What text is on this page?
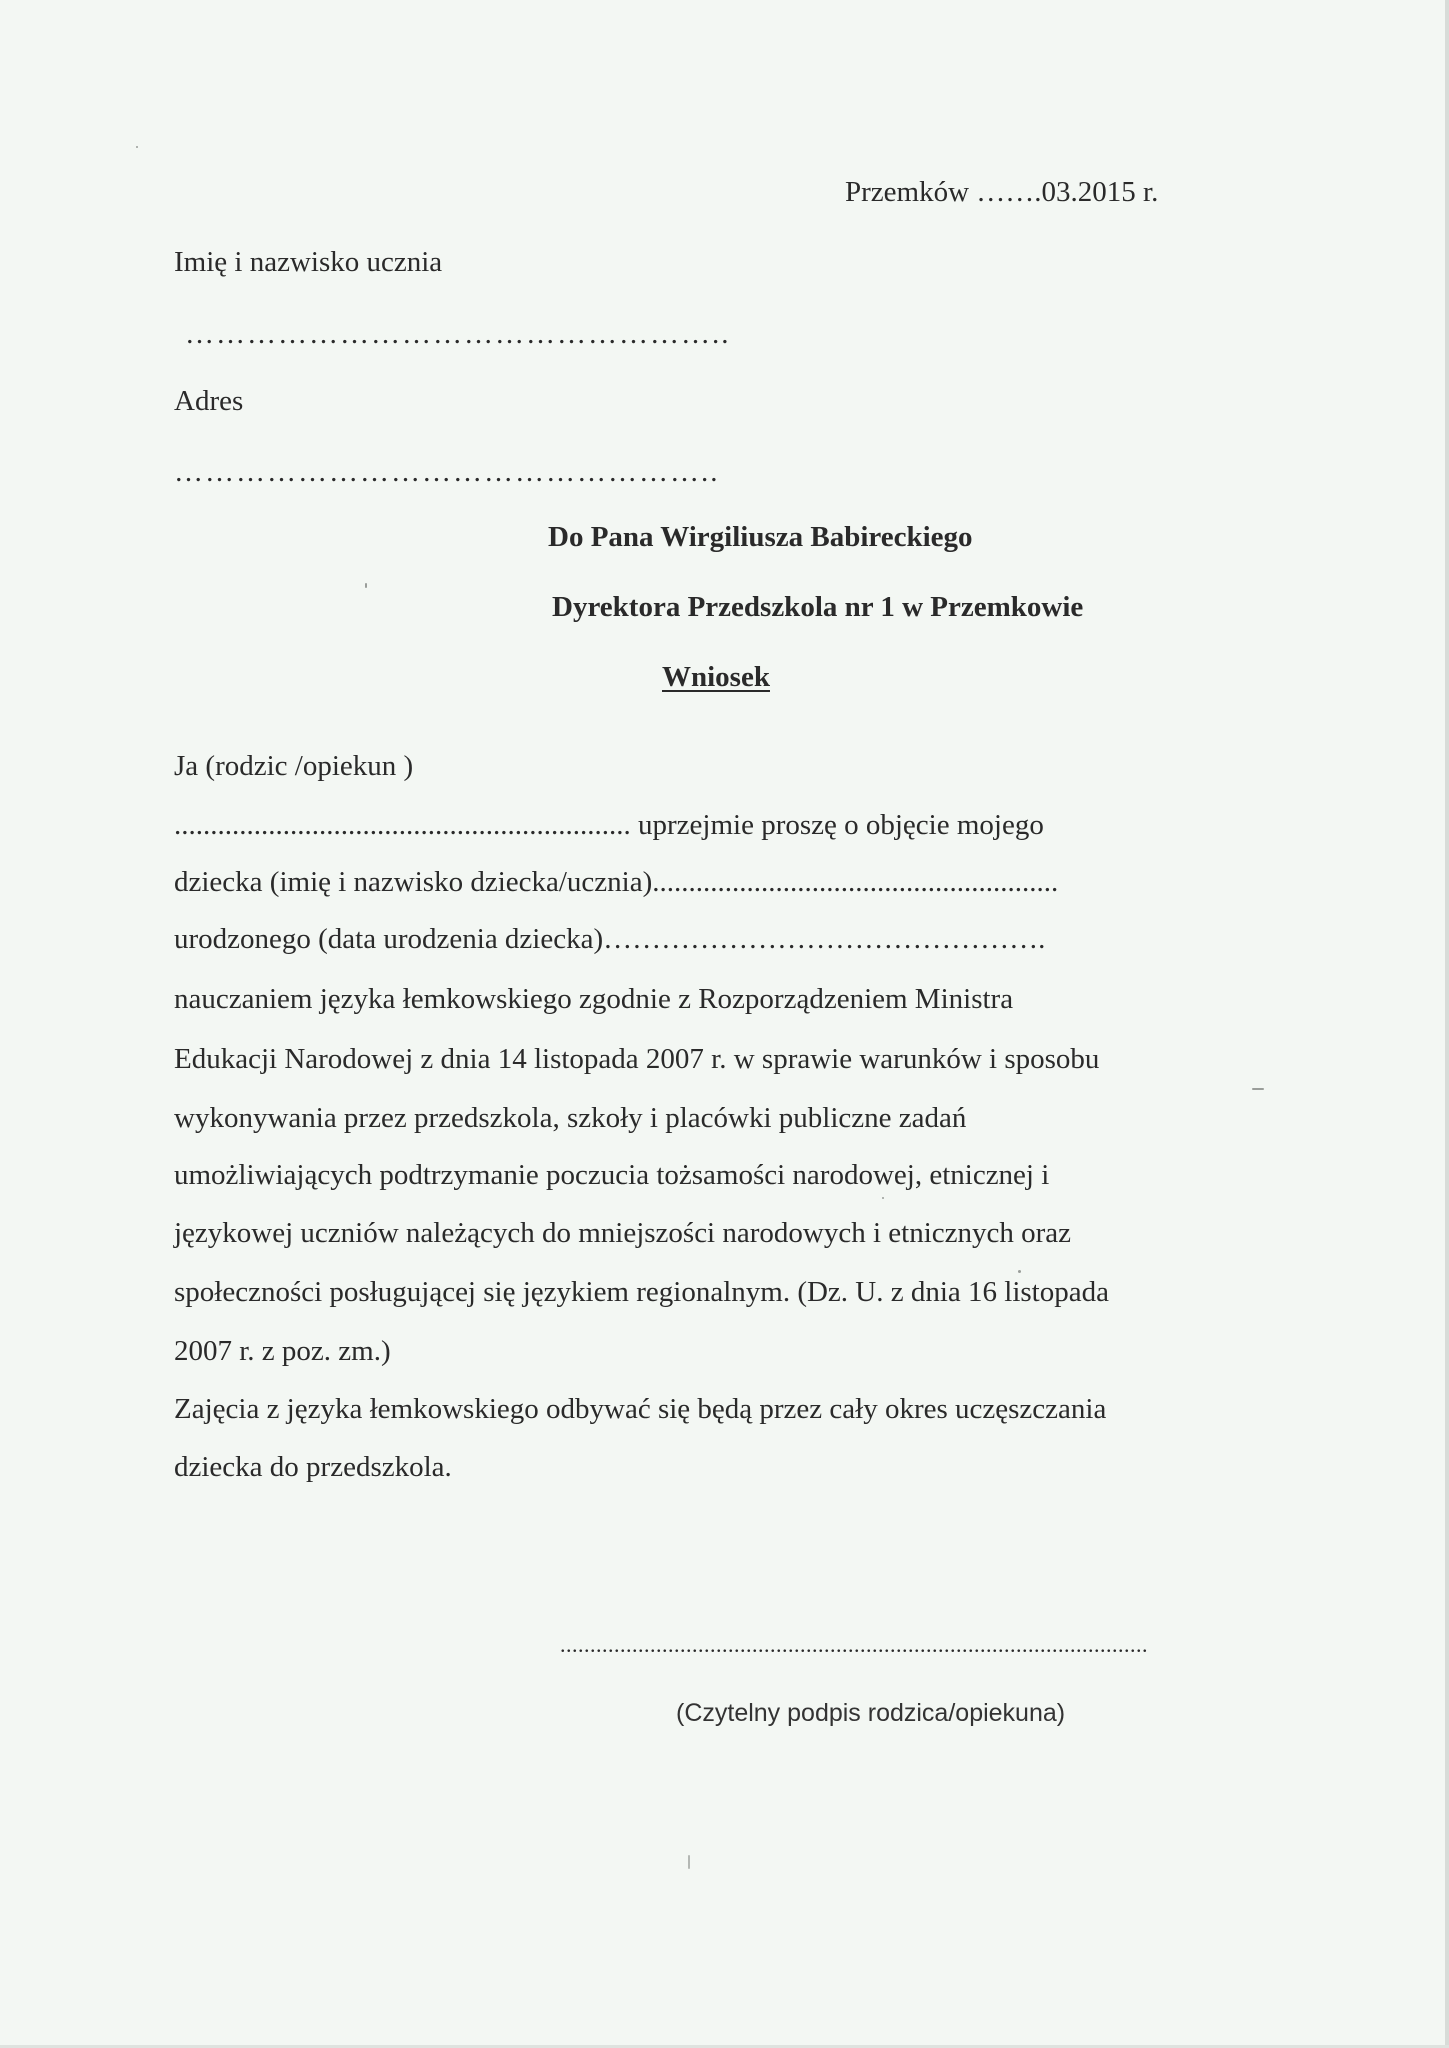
Przemków …….03.2015 r.
Imię i nazwisko ucznia
……………………………………………..
Adres
……………………………………………..
Do Pana Wirgiliusza Babireckiego
Dyrektora Przedszkola nr 1 w Przemkowie
Wniosek
Ja (rodzic /opiekun )
............................................................... uprzejmie proszę o objęcie mojego
dziecka (imię i nazwisko dziecka/ucznia)........................................................
urodzonego (data urodzenia dziecka)……………………………………….
nauczaniem języka łemkowskiego zgodnie z Rozporządzeniem Ministra
Edukacji Narodowej z dnia 14 listopada 2007 r. w sprawie warunków i sposobu
wykonywania przez przedszkola, szkoły i placówki publiczne zadań
umożliwiających podtrzymanie poczucia tożsamości narodowej, etnicznej i
językowej uczniów należących do mniejszości narodowych i etnicznych oraz
społeczności posługującej się językiem regionalnym. (Dz. U. z dnia 16 listopada
2007 r. z poz. zm.)
Zajęcia z języka łemkowskiego odbywać się będą przez cały okres uczęszczania
dziecka do przedszkola.
..................................................................................................
(Czytelny podpis rodzica/opiekuna)
